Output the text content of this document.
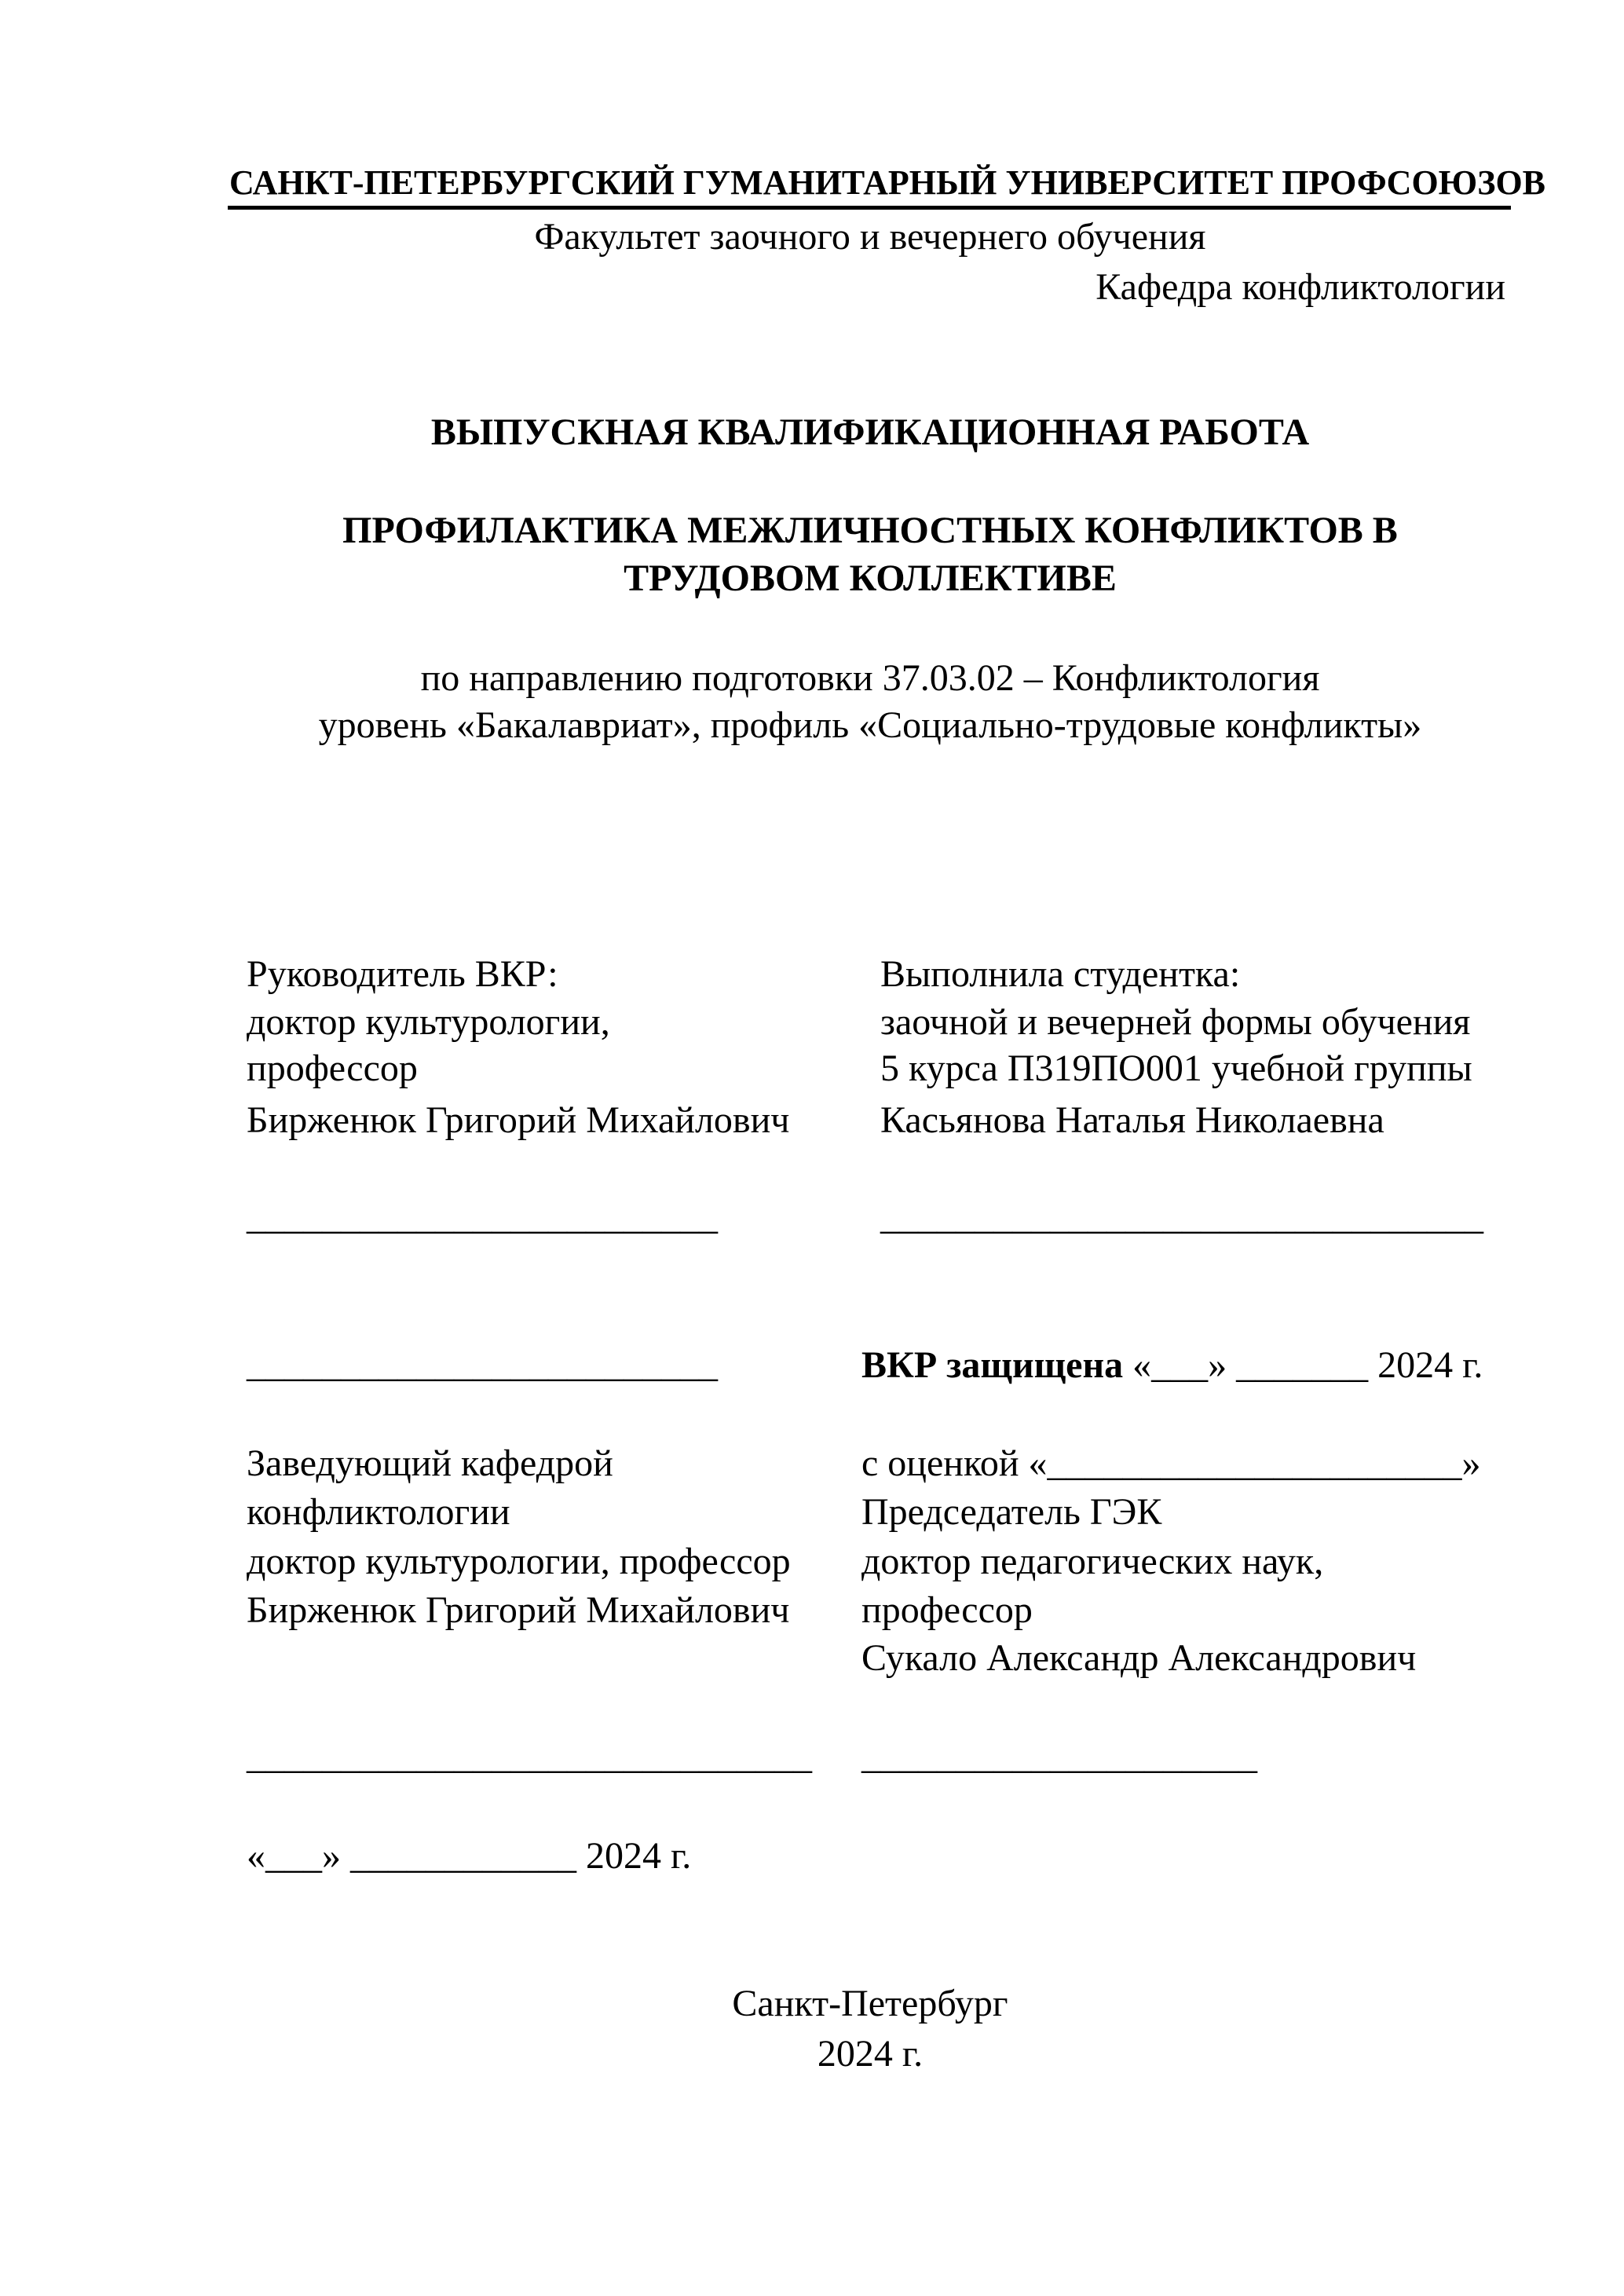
САНКТ-ПЕТЕРБУРГСКИЙ ГУМАНИТАРНЫЙ УНИВЕРСИТЕТ ПРОФСОЮЗОВ
Факультет заочного и вечернего обучения
Кафедра конфликтологии
ВЫПУСКНАЯ КВАЛИФИКАЦИОННАЯ РАБОТА
ПРОФИЛАКТИКА МЕЖЛИЧНОСТНЫХ КОНФЛИКТОВ В
ТРУДОВОМ КОЛЛЕКТИВЕ
по направлению подготовки 37.03.02 – Конфликтология
уровень «Бакалавриат», профиль «Социально-трудовые конфликты»
Руководитель ВКР:
доктор культурологии,
профессор
Бирженюк Григорий Михайлович
_________________________
Выполнила студентка:
заочной и вечерней формы обучения
5 курса П319ПО001 учебной группы
Касьянова Наталья Николаевна
________________________________
_________________________	ВКР защищена «___» _______ 2024 г.
Заведующий кафедрой
конфликтологии
доктор культурологии, профессор
Бирженюк Григорий Михайлович
______________________________
с оценкой «______________________»
Председатель ГЭК
доктор педагогических наук,
профессор
Сукало Александр Александрович
_____________________
«___» ____________ 2024 г.
Санкт-Петербург
2024 г.
